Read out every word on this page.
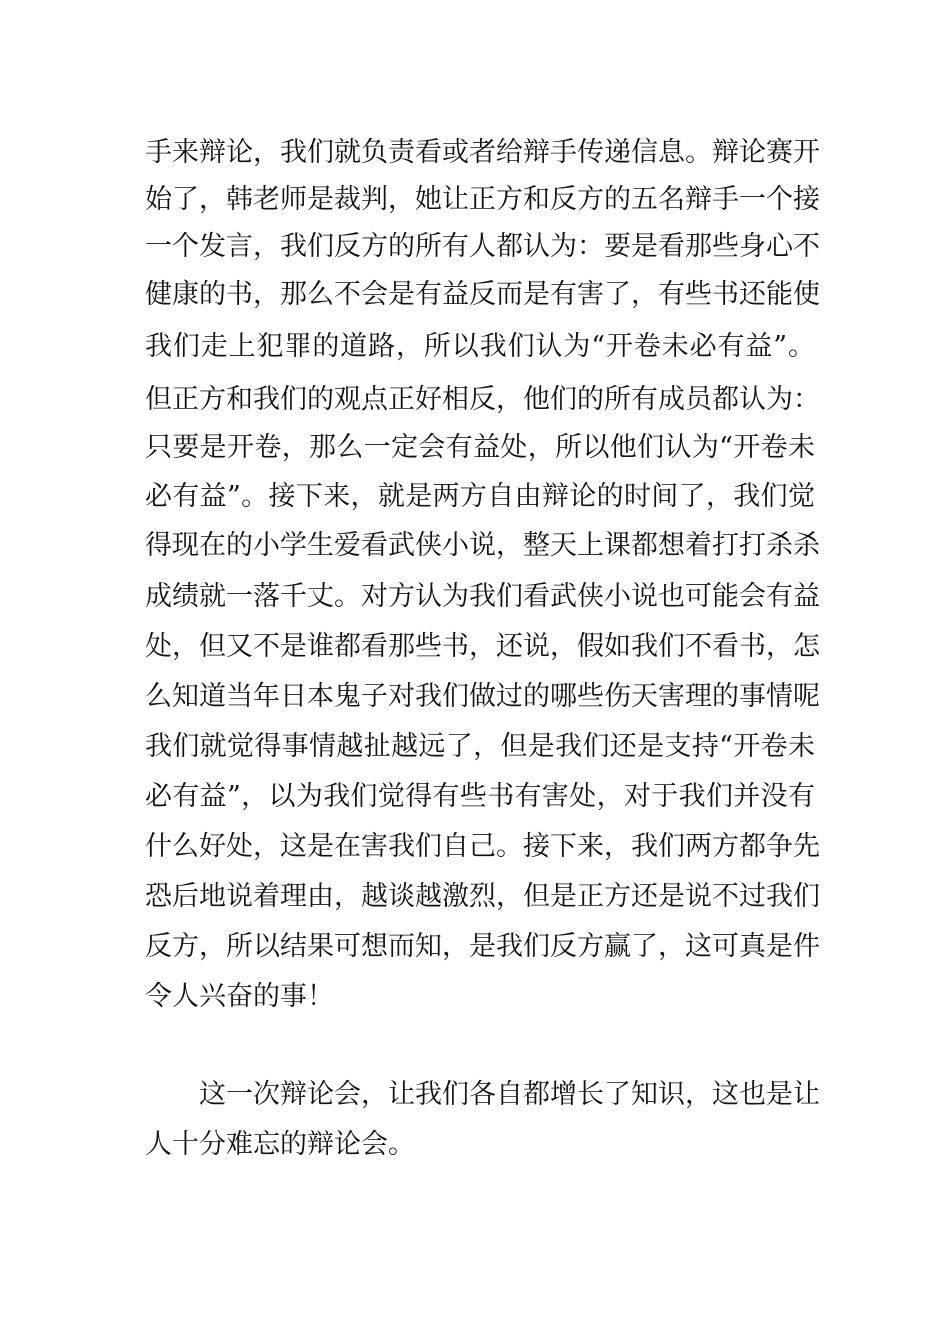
手来辩论，我们就负责看或者给辩手传递信息。辩论赛开
始了，韩老师是裁判，她让正方和反方的五名辩手一个接
一个发言，我们反方的所有人都认为：要是看那些身心不
健康的书，那么不会是有益反而是有害了，有些书还能使
我们走上犯罪的道路，所以我们认为“开卷未必有益”。
但正方和我们的观点正好相反，他们的所有成员都认为：
只要是开卷，那么一定会有益处，所以他们认为“开卷未
必有益”。接下来，就是两方自由辩论的时间了，我们觉
得现在的小学生爱看武侠小说，整天上课都想着打打杀杀
成绩就一落千丈。对方认为我们看武侠小说也可能会有益
处，但又不是谁都看那些书，还说，假如我们不看书，怎
么知道当年日本鬼子对我们做过的哪些伤天害理的事情呢
我们就觉得事情越扯越远了，但是我们还是支持“开卷未
必有益”，以为我们觉得有些书有害处，对于我们并没有
什么好处，这是在害我们自己。接下来，我们两方都争先
恐后地说着理由，越谈越激烈，但是正方还是说不过我们
反方，所以结果可想而知，是我们反方赢了，这可真是件
令人兴奋的事！
这一次辩论会，让我们各自都增长了知识，这也是让
人十分难忘的辩论会。
